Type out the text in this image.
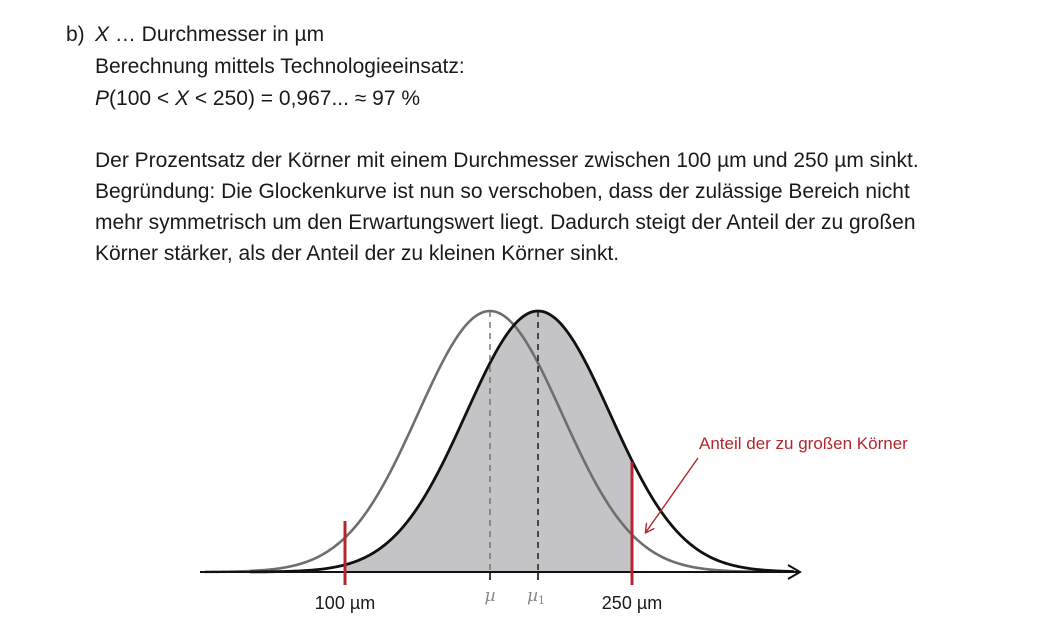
b) X … Durchmesser in µm
Berechnung mittels Technologieeinsatz:
P(100 < X < 250) = 0,967... ≈ 97 %
Der Prozentsatz der Körner mit einem Durchmesser zwischen 100 µm und 250 µm sinkt.
Begründung: Die Glockenkurve ist nun so verschoben, dass der zulässige Bereich nicht
mehr symmetrisch um den Erwartungswert liegt. Dadurch steigt der Anteil der zu großen
Körner stärker, als der Anteil der zu kleinen Körner sinkt.
Anteil der zu großen Körner
100 µm	µ µ1	250 µm
